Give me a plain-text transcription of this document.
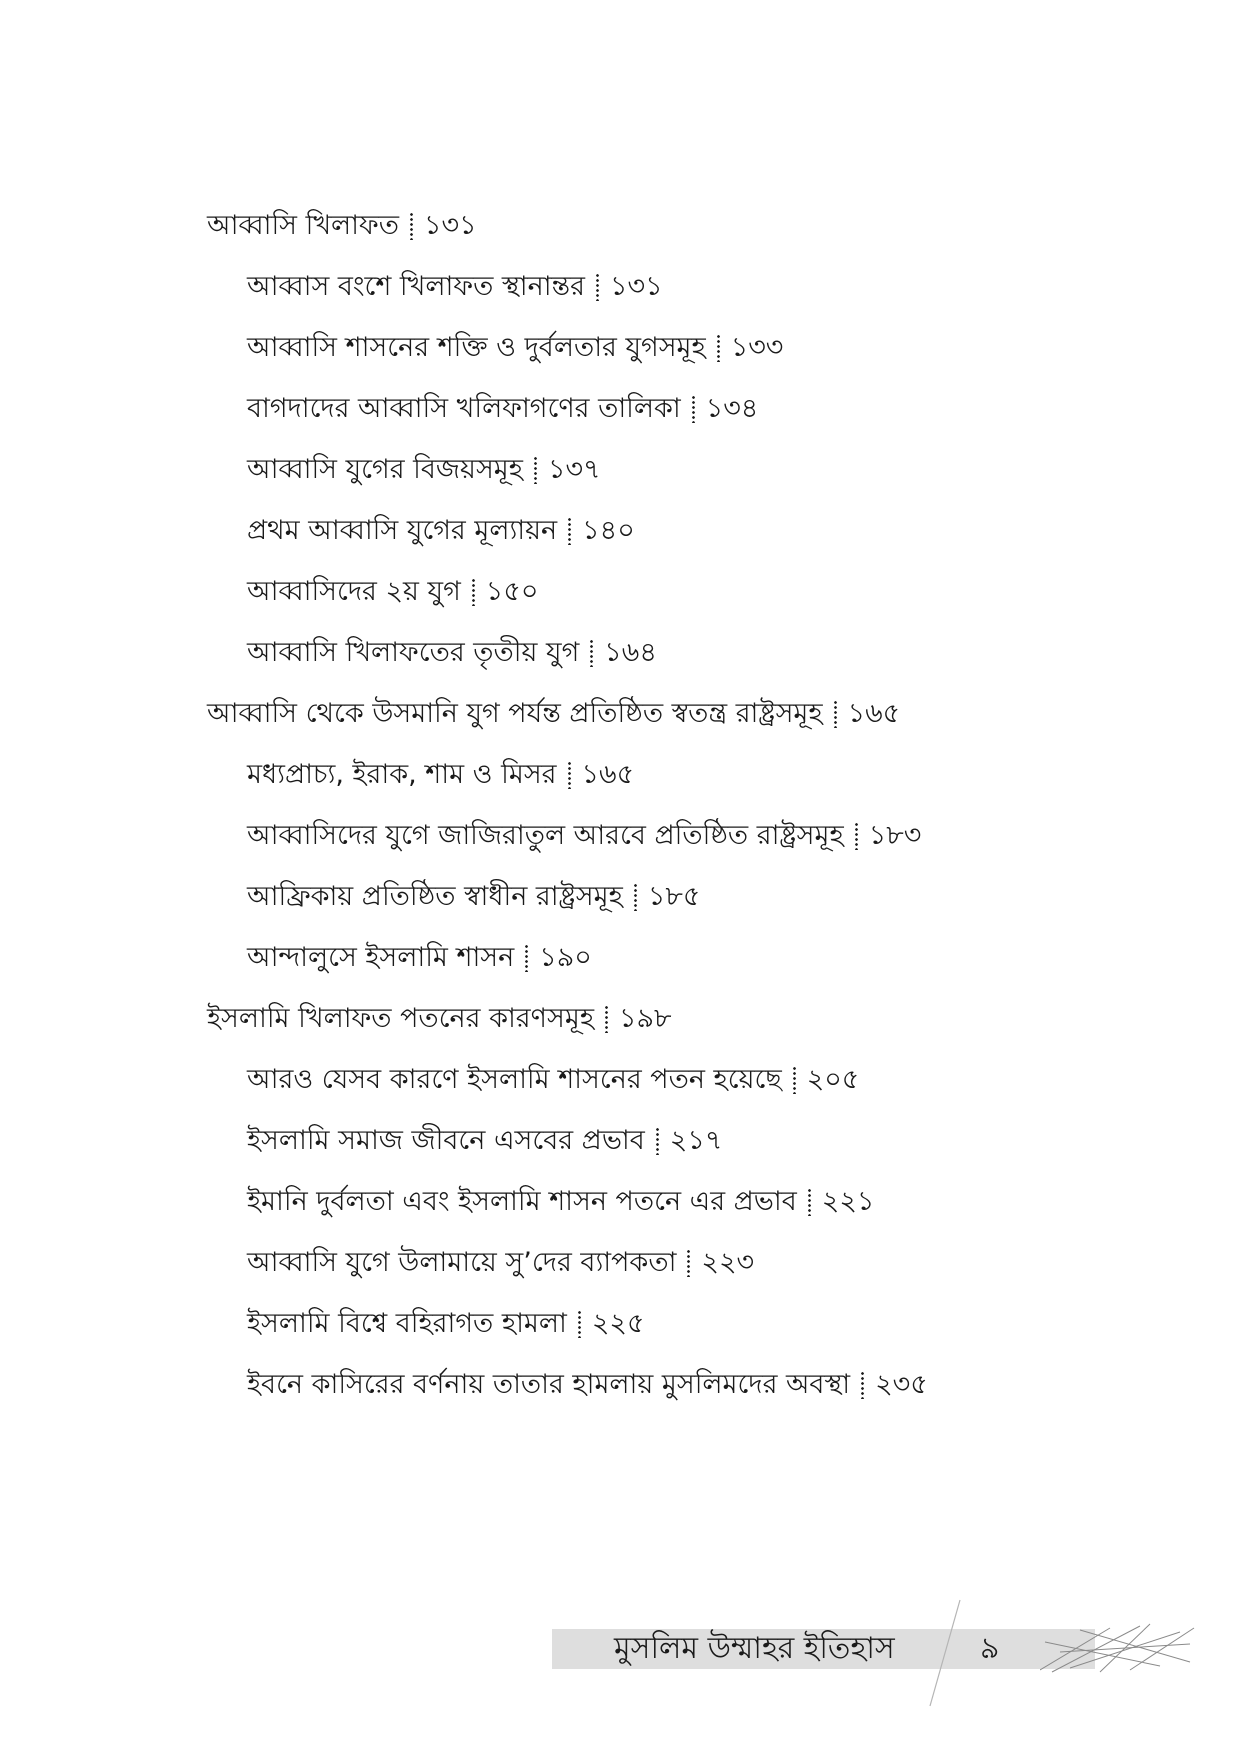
আব্বাসি খিলাফত ১৩১
আব্বাস বংশে খিলাফত স্থানান্তর ১৩১
আব্বাসি শাসনের শক্তি ও দুর্বলতার যুগসমূহ ১৩৩
বাগদাদের আব্বাসি খলিফাগণের তালিকা ১৩৪
আব্বাসি যুগের বিজয়সমূহ ১৩৭
প্রথম আব্বাসি যুগের মূল্যায়ন ১৪০
আব্বাসিদের ২য় যুগ ১৫০
আব্বাসি খিলাফতের তৃতীয় যুগ ১৬৪
আব্বাসি থেকে উসমানি যুগ পর্যন্ত প্রতিষ্ঠিত স্বতন্ত্র রাষ্ট্রসমূহ ১৬৫
মধ্যপ্রাচ্য, ইরাক, শাম ও মিসর ১৬৫
আব্বাসিদের যুগে জাজিরাতুল আরবে প্রতিষ্ঠিত রাষ্ট্রসমূহ ১৮৩
আফ্রিকায় প্রতিষ্ঠিত স্বাধীন রাষ্ট্রসমূহ ১৮৫
আন্দালুসে ইসলামি শাসন ১৯০
ইসলামি খিলাফত পতনের কারণসমূহ ১৯৮
আরও যেসব কারণে ইসলামি শাসনের পতন হয়েছে ২০৫
ইসলামি সমাজ জীবনে এসবের প্রভাব ২১৭
ইমানি দুর্বলতা এবং ইসলামি শাসন পতনে এর প্রভাব ২২১
আব্বাসি যুগে উলামায়ে সু’দের ব্যাপকতা ২২৩
ইসলামি বিশ্বে বহিরাগত হামলা ২২৫
ইবনে কাসিরের বর্ণনায় তাতার হামলায় মুসলিমদের অবস্থা ২৩৫
মুসলিম উম্মাহর ইতিহাস	৯
